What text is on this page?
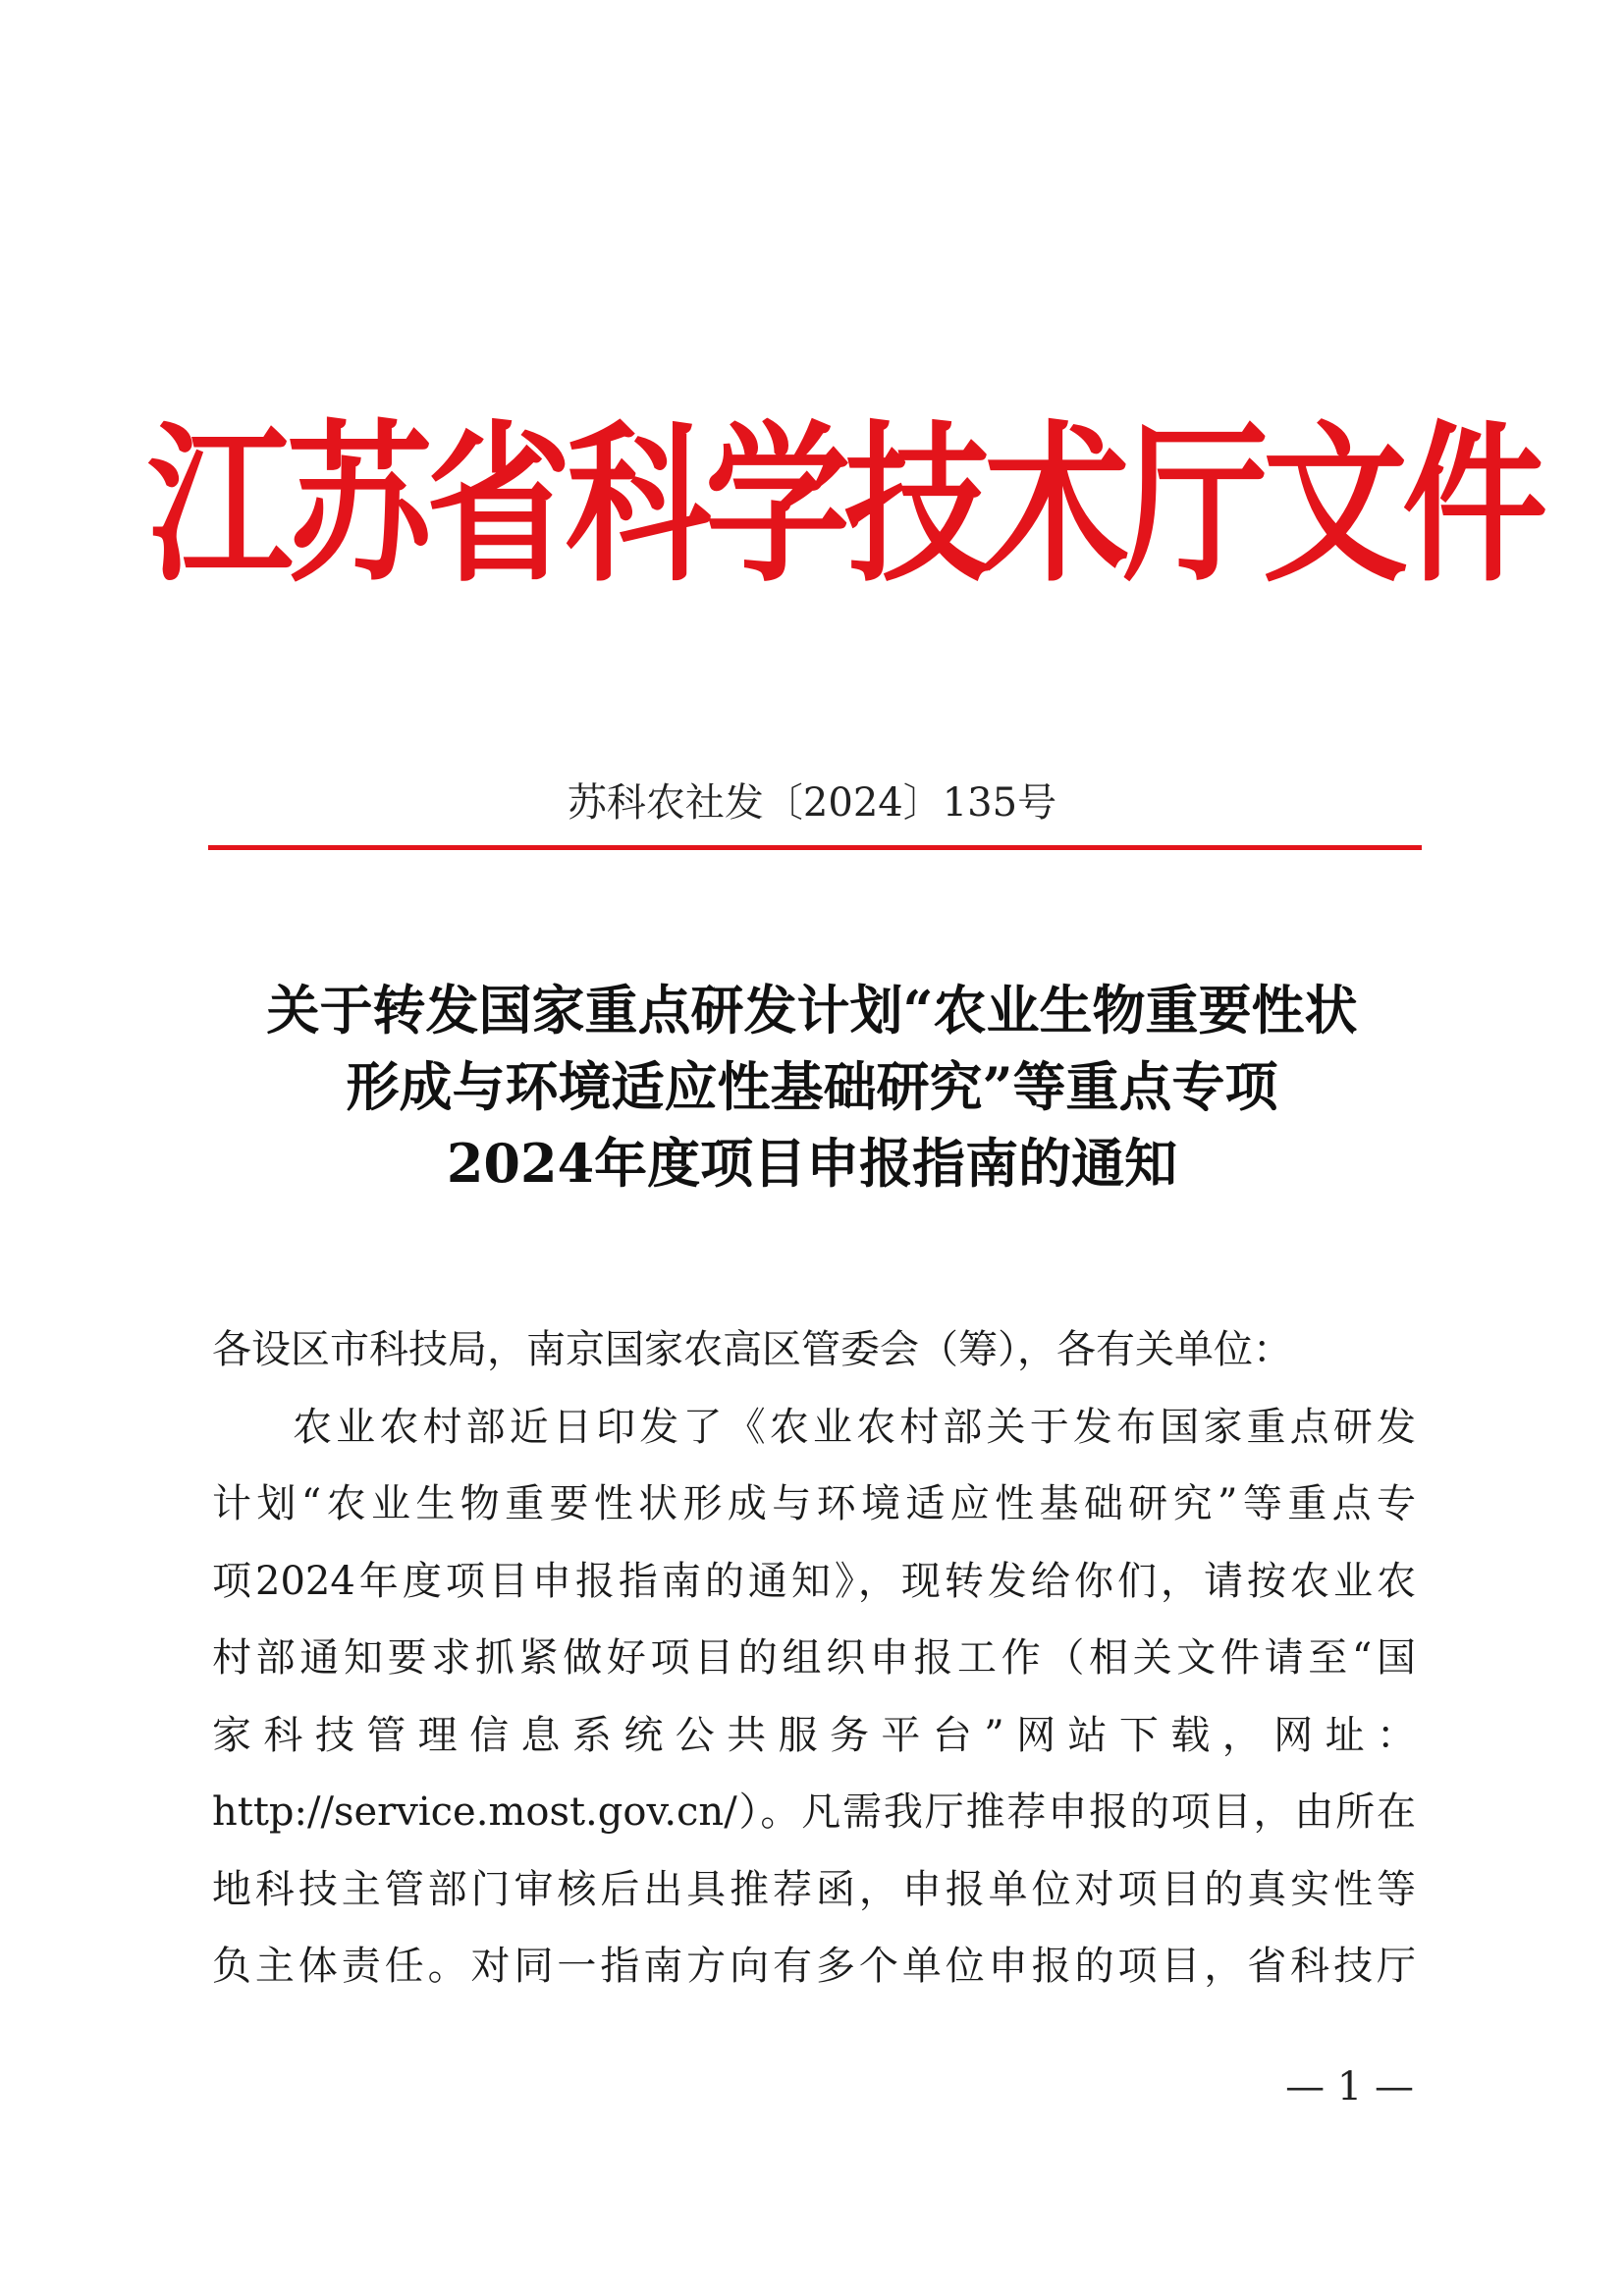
江苏省科学技术厅文件
苏科农社发〔2024〕135号
关于转发国家重点研发计划“农业生物重要性状
形成与环境适应性基础研究”等重点专项
2024年度项目申报指南的通知
各设区市科技局，南京国家农高区管委会（筹），各有关单位：
农业农村部近日印发了《农业农村部关于发布国家重点研发
计划“农业生物重要性状形成与环境适应性基础研究”等重点专
项2024年度项目申报指南的通知》，现转发给你们，请按农业农
村部通知要求抓紧做好项目的组织申报工作（相关文件请至“国
家科技管理信息系统公共服务平台”网站下载，网址：
http://service.most.gov.cn/）。凡需我厅推荐申报的项目，由所在
地科技主管部门审核后出具推荐函，申报单位对项目的真实性等
负主体责任。对同一指南方向有多个单位申报的项目，省科技厅
— 1 —
